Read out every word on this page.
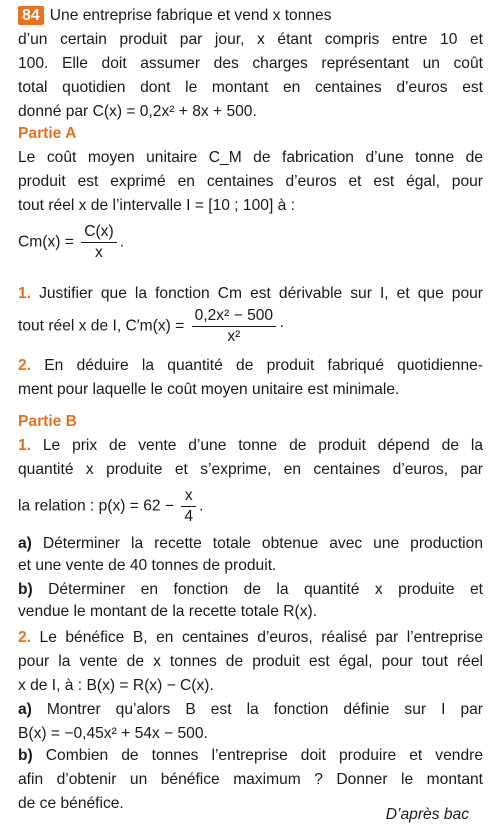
84 Une entreprise fabrique et vend x tonnes
d’un certain produit par jour, x étant compris entre 10 et
100. Elle doit assumer des charges représentant un coût
total quotidien dont le montant en centaines d’euros est
donné par C(x) = 0,2x² + 8x + 500.
Partie A
Le coût moyen unitaire C_M de fabrication d’une tonne de
produit est exprimé en centaines d’euros et est égal, pour
tout réel x de l’intervalle I = [10 ; 100] à :
$Cm(x) = \frac{C(x)}{x}$ .
1. Justifier que la fonction Cm est dérivable sur I, et que pour
tout réel x de I, $C'm(x) = \frac{\text{0,2x² − 500}}{\text{x²}}$ ·
2. En déduire la quantité de produit fabriqué quotidienne-
ment pour laquelle le coût moyen unitaire est minimale.
Partie B
1. Le prix de vente d’une tonne de produit dépend de la
quantité x produite et s’exprime, en centaines d’euros, par
la relation : $p(x) = 62 - \frac{x}{4}$ .
a) Déterminer la recette totale obtenue avec une production
et une vente de 40 tonnes de produit.
b) Déterminer en fonction de la quantité x produite et
vendue le montant de la recette totale R(x).
2. Le bénéfice B, en centaines d’euros, réalisé par l’entreprise
pour la vente de x tonnes de produit est égal, pour tout réel
x de I, à : B(x) = R(x) − C(x).
a) Montrer qu’alors B est la fonction définie sur I par
B(x) = −0,45x² + 54x − 500.
b) Combien de tonnes l’entreprise doit produire et vendre
afin d’obtenir un bénéfice maximum ? Donner le montant
de ce bénéfice.
D’après bac
